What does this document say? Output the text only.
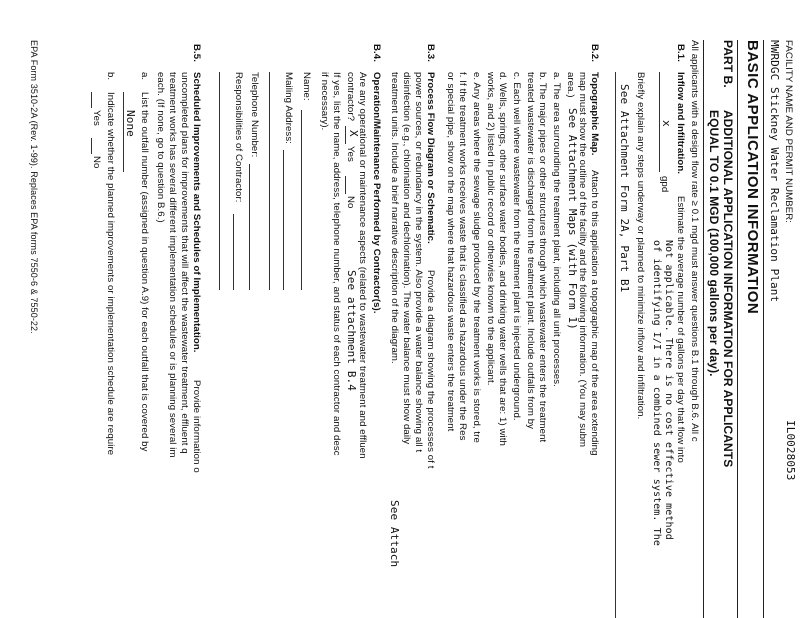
FACILITY NAME AND PERMIT NUMBER:
MWRDGC Stickney Water Reclamation Plant
IL0028053
BASIC APPLICATION INFORMATION
PART B.
ADDITIONAL APPLICATION INFORMATION FOR APPLICANTS
EQUAL TO 0.1 MGD (100,000 gallons per day).
All applicants with a design flow rate ≥ 0.1 mgd must answer questions B.1 through B.6. All c
B.1.
Inflow and Infiltration.
Estimate the average number of gallons per day that flow into
x
gpd
Not applicable. There is no cost effective method
of identifying I/I in a combined sewer system. The
Briefly explain any steps underway or planned to minimize inflow and infiltration.
See Attachment Form 2A, Part B1
B.2.
Topographic Map.
Attach to this application a topographic map of the area extending
map must show the outline of the facility and the following information. (You may subm
area.)
See Attachment Maps (with Form 1)
a. The area surrounding the treatment plant, including all unit processes.
b. The major pipes or other structures through which wastewater enters the treatment
treated wastewater is discharged from the treatment plant. Include outfalls from by
c. Each well where wastewater from the treatment plant is injected underground.
d. Wells, springs, other surface water bodies, and drinking water wells that are: 1) with
works, and 2) listed in public record or otherwise known to the applicant.
e. Any areas where the sewage sludge produced by the treatment works is stored, tre
f. If the treatment works receives waste that is classified as hazardous under the Res
or special pipe, show on the map where that hazardous waste enters the treatment
B.3.
Process Flow Diagram or Schematic.
Provide a diagram showing the processes of t
power sources, or redundancy in the system. Also provide a water balance showing all t
disinfection (e.g., chlorination and dechlorination). The water balance must show daily
treatment units. Include a brief narrative description of the diagram.
See Attach
B.4.
Operation/Maintenance Performed by Contractor(s).
Are any operational or maintenance aspects (related to wastewater treatment and effluen
contractor?
X
Yes
No
See attachment B.4
If yes, list the name, address, telephone number, and status of each contractor and desc
if necessary).
Name:
Mailing Address:
Telephone Number:
Responsibilities of Contractor:
B.5.
Scheduled Improvements and Schedules of Implementation.
Provide information o
uncompleted plans for improvements that will affect the wastewater treatment, effluent q
treatment works has several different implementation schedules or is planning several im
each. (If none, go to question B.6.)
a.
List the outfall number (assigned in question A.9) for each outfall that is covered by
None
b.
Indicate whether the planned improvements or implementation schedule are require
Yes
No
EPA Form 3510-2A (Rev. 1-99). Replaces EPA forms 7550-6 & 7550-22.
